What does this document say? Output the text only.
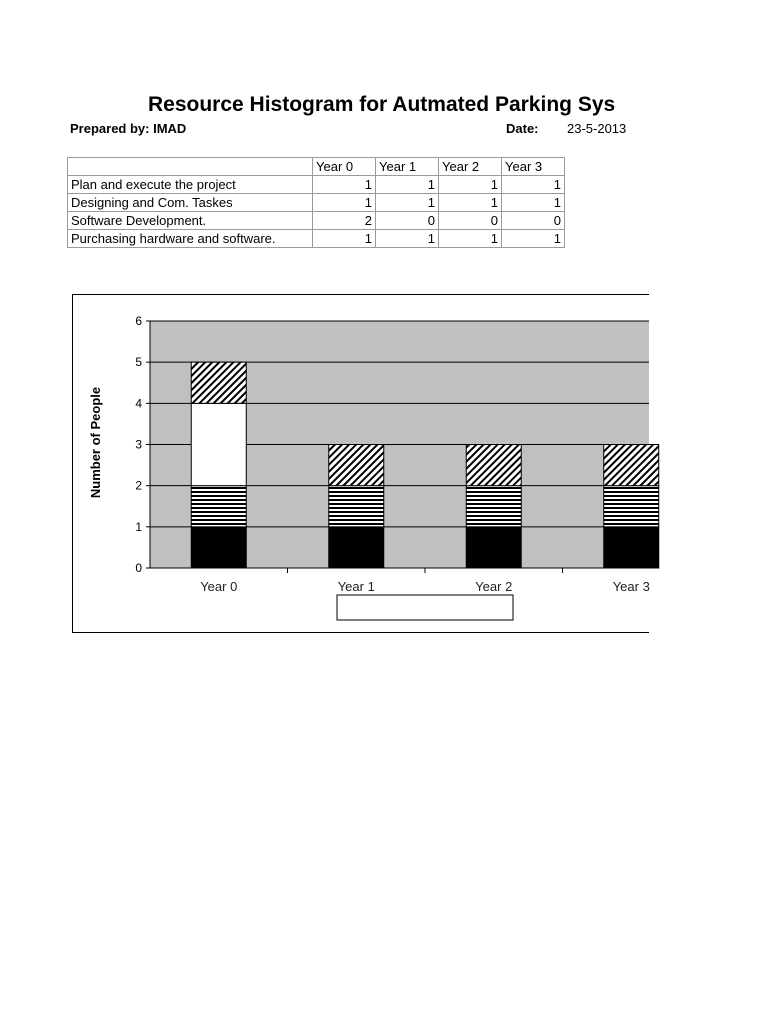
Resource Histogram for Autmated Parking Sys
Prepared by: IMAD	Date: 23-5-2013
	Year 0	Year 1	Year 2	Year 3
Plan and execute the project	1	1	1	1
Designing and Com. Taskes	1	1	1	1
Software Development.	2	0	0	0
Purchasing hardware and software.	1	1	1	1
0
1
2
3
4
5
6
Year 0	Year 1	Year 2	Year 3
Number of People
